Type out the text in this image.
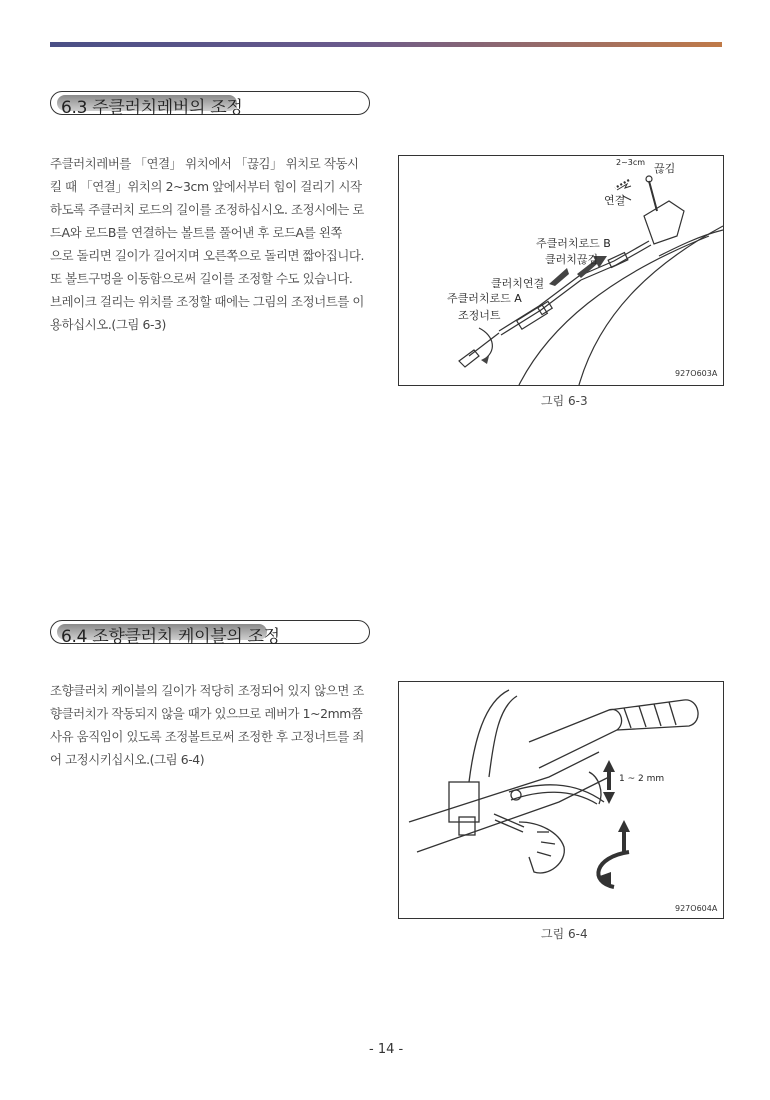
6.3 주클러치레버의 조정
주클러치레버를 「연결」 위치에서 「끊김」 위치로 작동시
킬 때 「연결」위치의 2~3cm 앞에서부터 힘이 걸리기 시작
하도록 주클러치 로드의 길이를 조정하십시오. 조정시에는 로
드A와 로드B를 연결하는 볼트를 풀어낸 후 로드A를 왼쪽
으로 돌리면 길이가 길어지며 오른쪽으로 돌리면 짧아집니다.
또 볼트구멍을 이동함으로써 길이를 조정할 수도 있습니다.
브레이크 걸리는 위치를 조정할 때에는 그림의 조정너트를 이
용하십시오.(그림 6-3)
2~3cm 끊김
연결
주클러치로드 B
클러치끊김
클러치연결
주클러치로드 A
조정너트
927O603A
그림 6-3
6.4 조향클러치 케이블의 조정
조향클러치 케이블의 길이가 적당히 조정되어 있지 않으면 조
향클러치가 작동되지 않을 때가 있으므로 레버가 1~2mm쯤
사유 움직임이 있도록 조정볼트로써 조정한 후 고정너트를 죄
어 고정시키십시오.(그림 6-4)
1 ~ 2 mm
927O604A
그림 6-4
- 14 -
